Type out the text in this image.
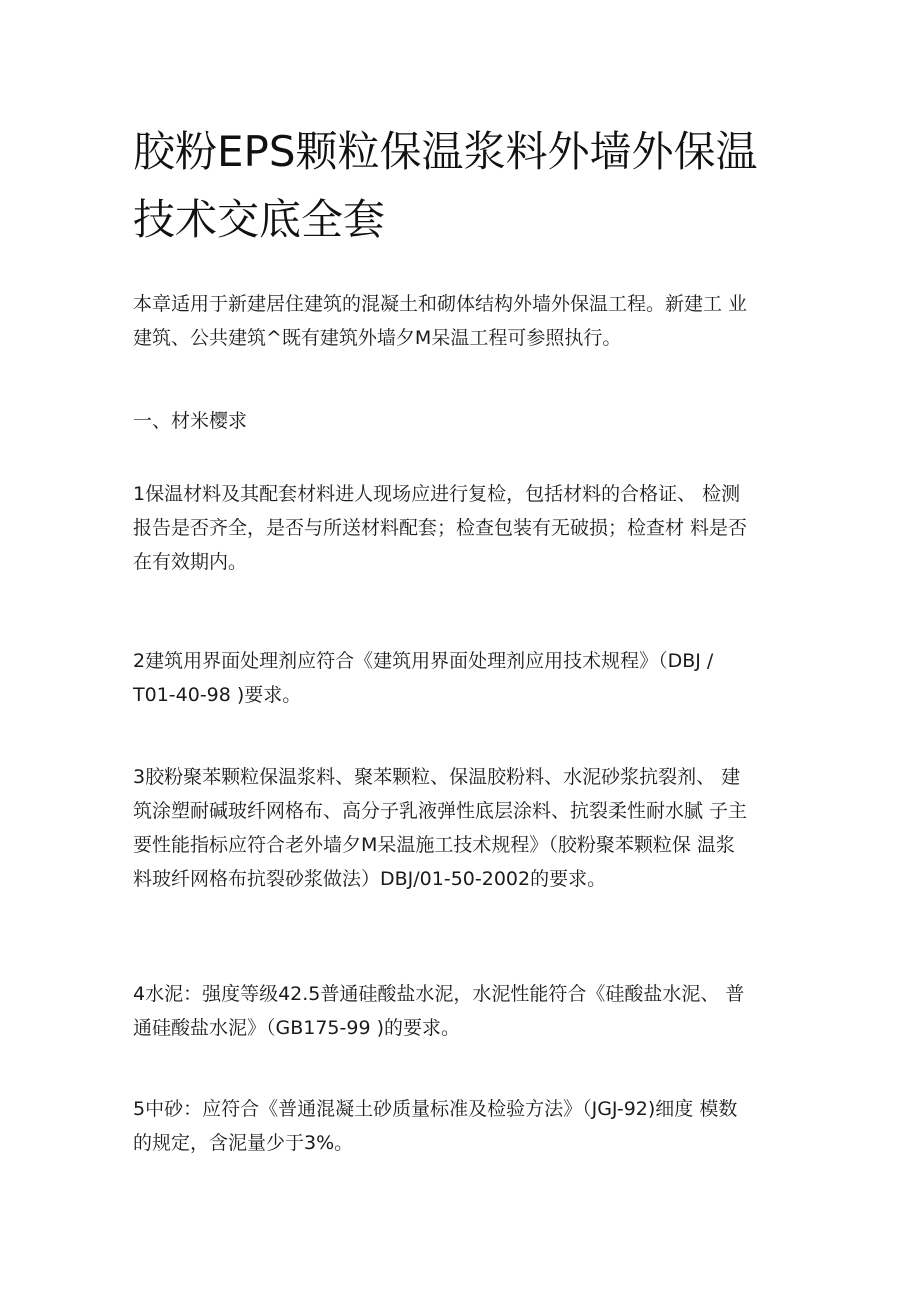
胶粉EPS颗粒保温浆料外墙外保温
技术交底全套
本章适用于新建居住建筑的混凝土和砌体结构外墙外保温工程。新建工 业
建筑、公共建筑^既有建筑外墙夕M呆温工程可参照执行。
一、材米樱求
1保温材料及其配套材料进人现场应进行复检，包括材料的合格证、 检测
报告是否齐全，是否与所送材料配套；检查包装有无破损；检查材 料是否
在有效期内。
2建筑用界面处理剂应符合《建筑用界面处理剂应用技术规程》（DBJ /
T01-40-98 )要求。
3胶粉聚苯颗粒保温浆料、聚苯颗粒、保温胶粉料、水泥砂浆抗裂剂、 建
筑涂塑耐碱玻纤网格布、高分子乳液弹性底层涂料、抗裂柔性耐水腻 子主
要性能指标应符合老外墙夕M呆温施工技术规程》（胶粉聚苯颗粒保 温浆
料玻纤网格布抗裂砂浆做法）DBJ/01-50-2002的要求。
4水泥：强度等级42.5普通硅酸盐水泥，水泥性能符合《硅酸盐水泥、 普
通硅酸盐水泥》（GB175-99 )的要求。
5中砂：应符合《普通混凝土砂质量标准及检验方法》（JGJ-92)细度 模数
的规定，含泥量少于3%。
